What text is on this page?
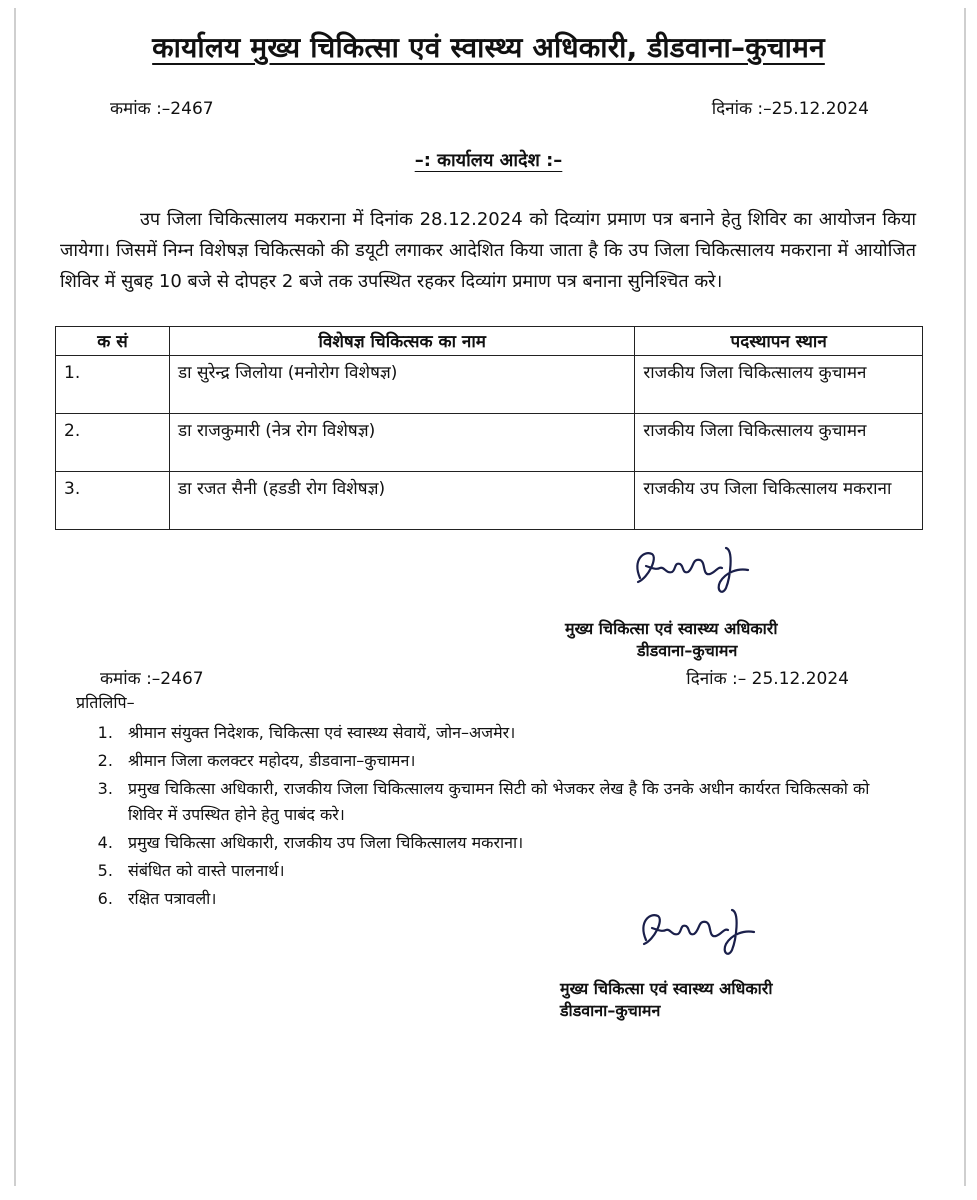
कार्यालय मुख्य चिकित्सा एवं स्वास्थ्य अधिकारी, डीडवाना–कुचामन
कमांक :–2467	दिनांक :–25.12.2024
–: कार्यालय आदेश :–
उप जिला चिकित्सालय मकराना में दिनांक 28.12.2024 को दिव्यांग प्रमाण पत्र बनाने हेतु शिविर का आयोजन किया जायेगा। जिसमें निम्न विशेषज्ञ चिकित्सको की डयूटी लगाकर आदेशित किया जाता है कि उप जिला चिकित्सालय मकराना में आयोजित शिविर में सुबह 10 बजे से दोपहर 2 बजे तक उपस्थित रहकर दिव्यांग प्रमाण पत्र बनाना सुनिश्चित करे।
क सं	विशेषज्ञ चिकित्सक का नाम	पदस्थापन स्थान
1.	डा सुरेन्द्र जिलोया (मनोरोग विशेषज्ञ)	राजकीय जिला चिकित्सालय कुचामन
2.	डा राजकुमारी (नेत्र रोग विशेषज्ञ)	राजकीय जिला चिकित्सालय कुचामन
3.	डा रजत सैनी (हडडी रोग विशेषज्ञ)	राजकीय उप जिला चिकित्सालय मकराना
मुख्य चिकित्सा एवं स्वास्थ्य अधिकारी
डीडवाना–कुचामन
कमांक :–2467	दिनांक :– 25.12.2024
प्रतिलिपि–
1. श्रीमान संयुक्त निदेशक, चिकित्सा एवं स्वास्थ्य सेवायें, जोन–अजमेर।
2. श्रीमान जिला कलक्टर महोदय, डीडवाना–कुचामन।
3. प्रमुख चिकित्सा अधिकारी, राजकीय जिला चिकित्सालय कुचामन सिटी को भेजकर लेख है कि उनके अधीन कार्यरत चिकित्सको को शिविर में उपस्थित होने हेतु पाबंद करे।
4. प्रमुख चिकित्सा अधिकारी, राजकीय उप जिला चिकित्सालय मकराना।
5. संबंधित को वास्ते पालनार्थ।
6. रक्षित पत्रावली।
मुख्य चिकित्सा एवं स्वास्थ्य अधिकारी
डीडवाना–कुचामन
